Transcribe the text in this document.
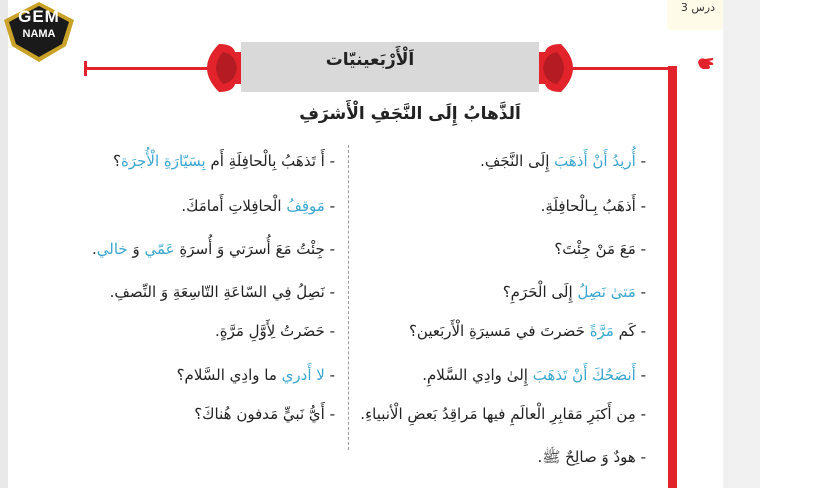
GEM
NAMA
درس 3
اَلْأَرْبَعينيّات
اَلذَّهابُ إِلَى النَّجَفِ الْأَشرَفِ
- أُريدُ أَنْ أَذهَبَ إِلَى النَّجَفِ.
- أَذهَبُ بِـالْحافِلَةِ.
- مَعَ مَنْ جِئْتَ؟
- مَتىٰ نَصِلُ إِلَى الْحَرَمِ؟
- كَم مَرَّةً حَضرتَ في مَسيرَةِ الْأَربَعين؟
- أَنصَحُكَ أَنْ تَذهَبَ إِلىٰ وادِي السَّلامِ.
- مِن أَكبَرِ مَقابِرِ الْعالَمِ فيها مَراقِدُ بَعضِ الْأنبياءِ.
- هودٌ وَ صالِحٌ ﷺ.
- أَ تَذهَبُ بِالْحافِلَةِ أَم بِسَيّارَةِ الْأُجرَة؟
- مَوقِفُ الْحافِلاتِ أَمامَكَ.
- جِئْتُ مَعَ أُسرَتي وَ أُسرَةِ عَمّي وَ خالي.
- نَصِلُ فِي السّاعَةِ التّاسِعَةِ وَ النِّصفِ.
- حَضَرتُ لِأَوَّلِ مَرَّةٍ.
- لا أَدري ما وادِي السَّلام؟
- أَيُّ نَبيٍّ مَدفون هُناكَ؟
